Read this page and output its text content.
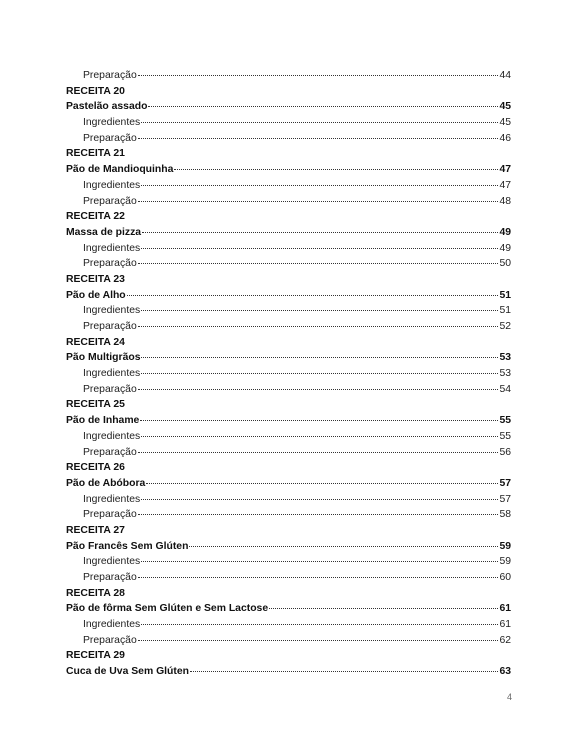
Preparação	44
RECEITA 20
Pastelão assado	45
Ingredientes	45
Preparação	46
RECEITA 21
Pão de Mandioquinha	47
Ingredientes	47
Preparação	48
RECEITA 22
Massa de pizza	49
Ingredientes	49
Preparação	50
RECEITA 23
Pão de Alho	51
Ingredientes	51
Preparação	52
RECEITA 24
Pão Multigrãos	53
Ingredientes	53
Preparação	54
RECEITA 25
Pão de Inhame	55
Ingredientes	55
Preparação	56
RECEITA 26
Pão de Abóbora	57
Ingredientes	57
Preparação	58
RECEITA 27
Pão Francês Sem Glúten	59
Ingredientes	59
Preparação	60
RECEITA 28
Pão de fôrma Sem Glúten e Sem Lactose	61
Ingredientes	61
Preparação	62
RECEITA 29
Cuca de Uva Sem Glúten	63
4
